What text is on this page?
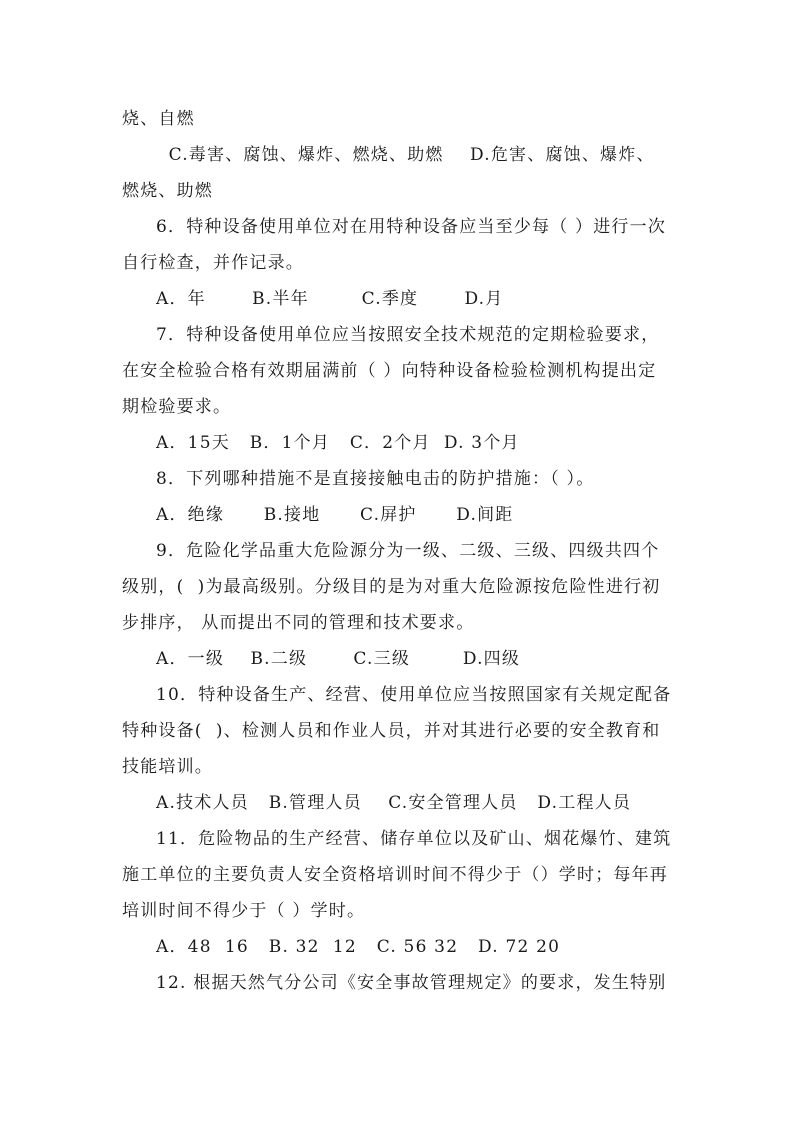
烧、自燃
C.毒害、腐蚀、爆炸、燃烧、助燃    D.危害、腐蚀、爆炸、
燃烧、助燃
6．特种设备使用单位对在用特种设备应当至少每（ ）进行一次
自行检查，并作记录。
A．年       B.半年        C.季度       D.月
7．特种设备使用单位应当按照安全技术规范的定期检验要求，
在安全检验合格有效期届满前（ ）向特种设备检验检测机构提出定
期检验要求。
A．15天   B．1个月   C．2个月  D. 3个月
8．下列哪种措施不是直接接触电击的防护措施：（ ）。
A．绝缘      B.接地      C.屏护      D.间距
9．危险化学品重大危险源分为一级、二级、三级、四级共四个
级别，(  )为最高级别。分级目的是为对重大危险源按危险性进行初
步排序， 从而提出不同的管理和技术要求。
A．一级    B.二级       C.三级        D.四级
10．特种设备生产、经营、使用单位应当按照国家有关规定配备
特种设备(  )、检测人员和作业人员，并对其进行必要的安全教育和
技能培训。
A.技术人员   B.管理人员    C.安全管理人员   D.工程人员
11．危险物品的生产经营、储存单位以及矿山、烟花爆竹、建筑
施工单位的主要负责人安全资格培训时间不得少于（）学时；每年再
培训时间不得少于（ ）学时。
A．48  16   B. 32  12   C. 56 32   D. 72 20
12. 根据天然气分公司《安全事故管理规定》的要求，发生特别
